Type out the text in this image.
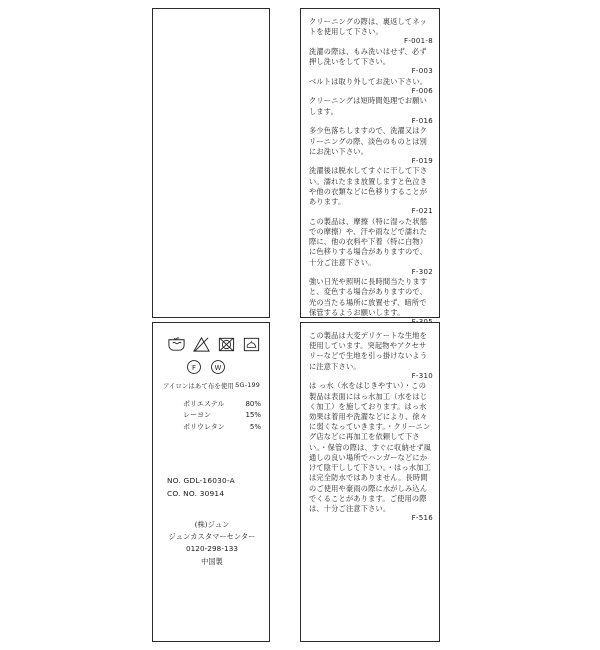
F W
アイロンはあて布を使用 SG-199
ポリエステル	80%
レーヨン	15%
ポリウレタン	5%
NO. GDL-16030-A
CO. NO. 30914
(株)ジュン
ジュンカスタマーセンター
0120-298-133
中国製
クリーニングの際は、裏返してネットを使用して下さい。
F-001-8
洗濯の際は、もみ洗いはせず、必ず押し洗いをして下さい。
F-003
ベルトは取り外してお洗い下さい。
F-006
クリーニングは短時間処理でお願いします。
F-016
多少色落ちしますので、洗濯又はクリーニングの際、淡色のものとは別にお洗い下さい。
F-019
洗濯後は脱水してすぐに干して下さい。濡れたまま放置しますと色泣きや他の衣類などに色移りすることがあります。
F-021
この製品は、摩擦（特に湿った状態での摩擦）や、汗や雨などで濡れた際に、他の衣料や下着（特に白物）に色移りする場合がありますので、十分ご注意下さい。
F-302
強い日光や照明に長時間当たりますと、変色する場合がありますので、光の当たる場所に放置せず、暗所で保管するようお願いします。
この製品は大変デリケートな生地を使用しています。突起物やアクセサリーなどで生地を引っ掛けないように注意下さい。
F-310
は っ水（水をはじきやすい）・この製品は表面にはっ水加工（水をはじく加工）を施しております。はっ水効果は着用や洗濯などにより、徐々に弱くなっていきます。・クリーニング店などに再加工を依頼して下さい。・保管の際は、すぐに収納せず風通しの良い場所でハンガーなどにかけて陰干しして下さい。・はっ水加工は完全防水ではありません。長時間のご使用や豪雨の際に水がしみ込んでくることがあります。ご使用の際は、十分ご注意下さい。
F-516
